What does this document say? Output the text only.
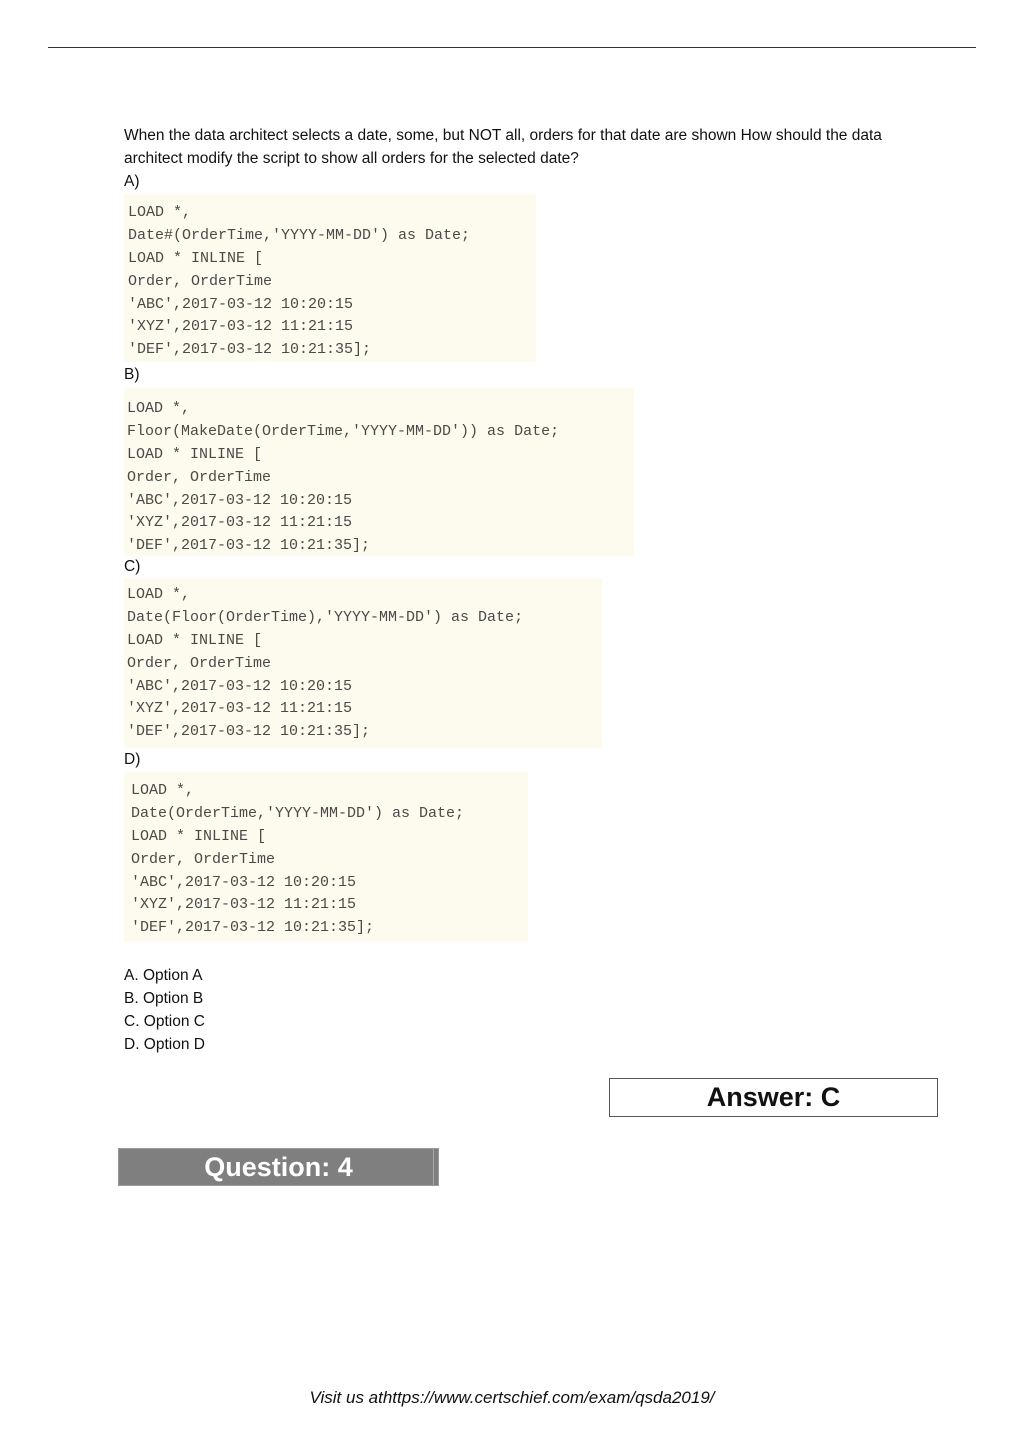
When the data architect selects a date, some, but NOT all, orders for that date are shown How should the data architect modify the script to show all orders for the selected date?

A)
LOAD *,
Date#(OrderTime,'YYYY-MM-DD') as Date;
LOAD * INLINE [
Order, OrderTime
'ABC',2017-03-12 10:20:15
'XYZ',2017-03-12 11:21:15
'DEF',2017-03-12 10:21:35];
B)
LOAD *,
Floor(MakeDate(OrderTime,'YYYY-MM-DD')) as Date;
LOAD * INLINE [
Order, OrderTime
'ABC',2017-03-12 10:20:15
'XYZ',2017-03-12 11:21:15
'DEF',2017-03-12 10:21:35];
C)
LOAD *,
Date(Floor(OrderTime),'YYYY-MM-DD') as Date;
LOAD * INLINE [
Order, OrderTime
'ABC',2017-03-12 10:20:15
'XYZ',2017-03-12 11:21:15
'DEF',2017-03-12 10:21:35];
D)
LOAD *,
Date(OrderTime,'YYYY-MM-DD') as Date;
LOAD * INLINE [
Order, OrderTime
'ABC',2017-03-12 10:20:15
'XYZ',2017-03-12 11:21:15
'DEF',2017-03-12 10:21:35];
A. Option A
B. Option B
C. Option C
D. Option D
Answer: C
Question: 4
Visit us athttps://www.certschief.com/exam/qsda2019/
